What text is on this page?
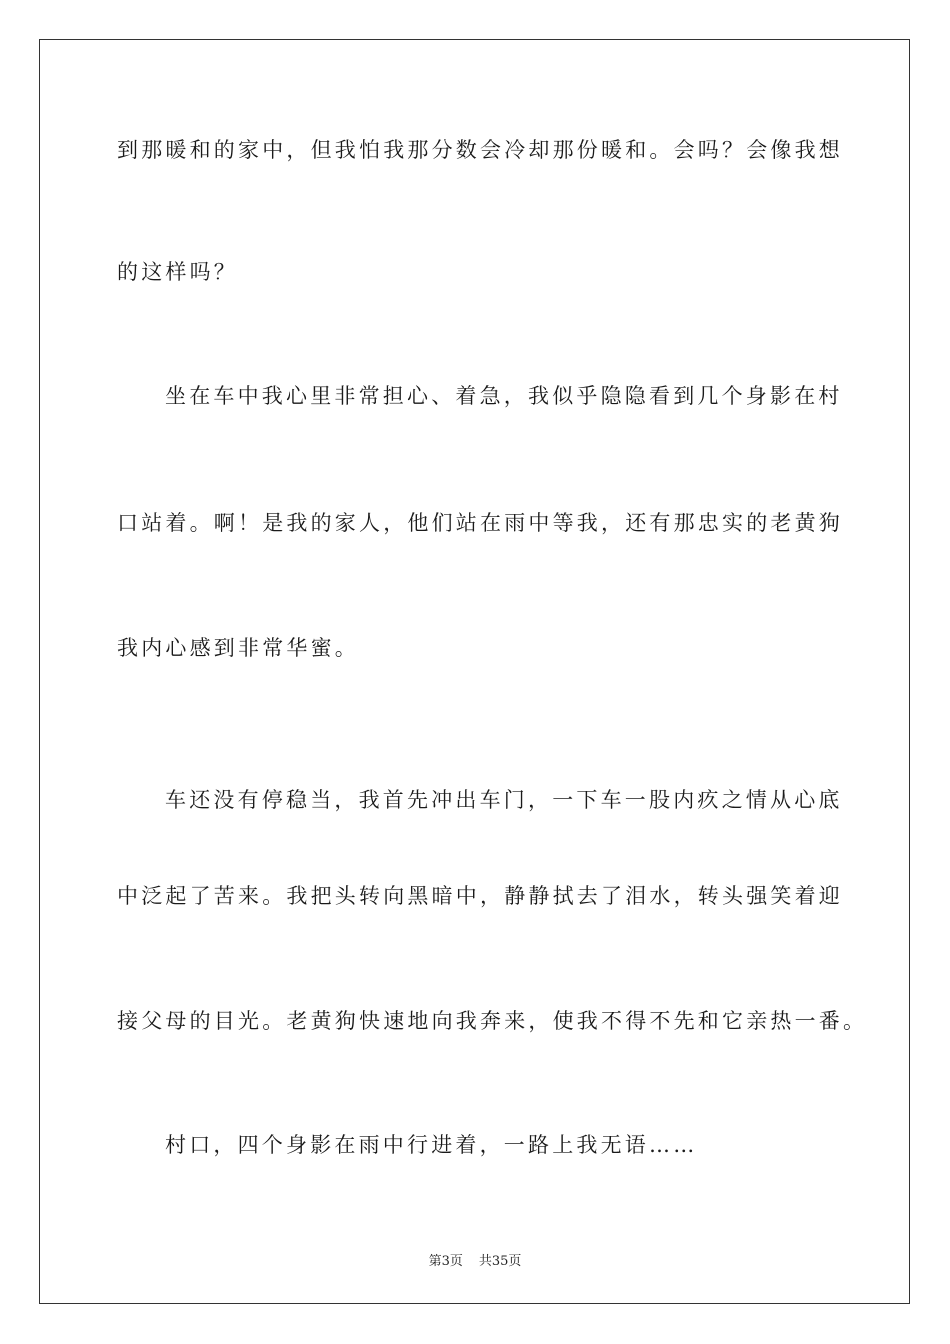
到那暖和的家中，但我怕我那分数会冷却那份暖和。会吗？会像我想
的这样吗？
坐在车中我心里非常担心、着急，我似乎隐隐看到几个身影在村
口站着。啊！是我的家人，他们站在雨中等我，还有那忠实的老黄狗
我内心感到非常华蜜。
车还没有停稳当，我首先冲出车门，一下车一股内疚之情从心底
中泛起了苦来。我把头转向黑暗中，静静拭去了泪水，转头强笑着迎
接父母的目光。老黄狗快速地向我奔来，使我不得不先和它亲热一番。
村口，四个身影在雨中行进着，一路上我无语……
第3页 共35页
